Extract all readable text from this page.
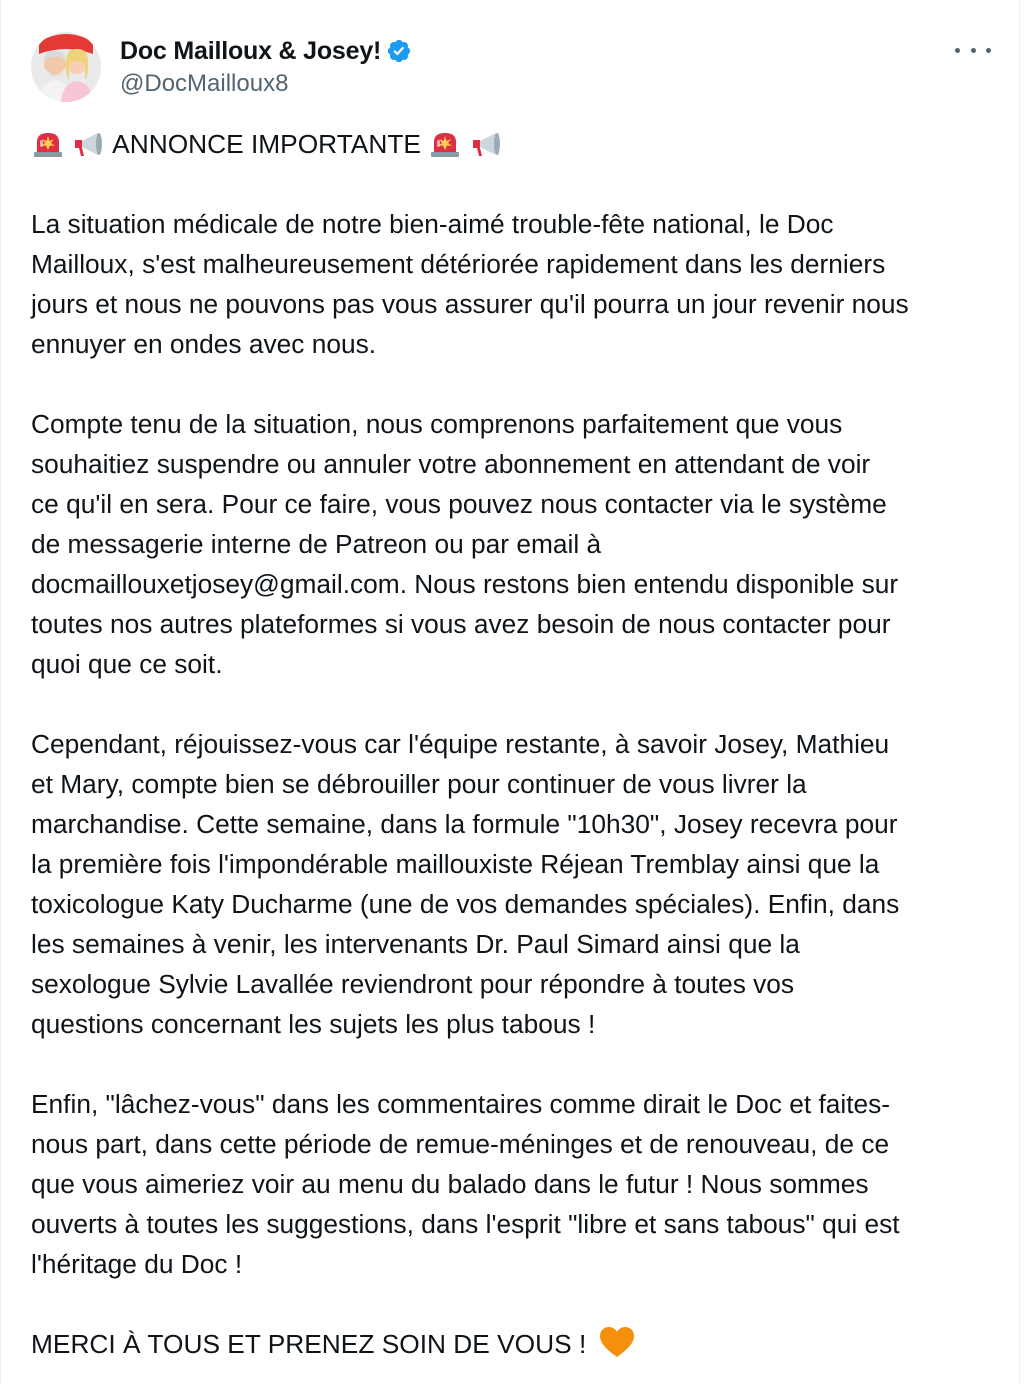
Doc Mailloux & Josey!
@DocMailloux8
ANNONCE IMPORTANTE
La situation médicale de notre bien-aimé trouble-fête national, le Doc
Mailloux, s'est malheureusement détériorée rapidement dans les derniers
jours et nous ne pouvons pas vous assurer qu'il pourra un jour revenir nous
ennuyer en ondes avec nous.
Compte tenu de la situation, nous comprenons parfaitement que vous
souhaitiez suspendre ou annuler votre abonnement en attendant de voir
ce qu'il en sera. Pour ce faire, vous pouvez nous contacter via le système
de messagerie interne de Patreon ou par email à
docmaillouxetjosey@gmail.com. Nous restons bien entendu disponible sur
toutes nos autres plateformes si vous avez besoin de nous contacter pour
quoi que ce soit.
Cependant, réjouissez-vous car l'équipe restante, à savoir Josey, Mathieu
et Mary, compte bien se débrouiller pour continuer de vous livrer la
marchandise. Cette semaine, dans la formule "10h30", Josey recevra pour
la première fois l'impondérable maillouxiste Réjean Tremblay ainsi que la
toxicologue Katy Ducharme (une de vos demandes spéciales). Enfin, dans
les semaines à venir, les intervenants Dr. Paul Simard ainsi que la
sexologue Sylvie Lavallée reviendront pour répondre à toutes vos
questions concernant les sujets les plus tabous !
Enfin, "lâchez-vous" dans les commentaires comme dirait le Doc et faites-
nous part, dans cette période de remue-méninges et de renouveau, de ce
que vous aimeriez voir au menu du balado dans le futur ! Nous sommes
ouverts à toutes les suggestions, dans l'esprit "libre et sans tabous" qui est
l'héritage du Doc !
MERCI À TOUS ET PRENEZ SOIN DE VOUS !
